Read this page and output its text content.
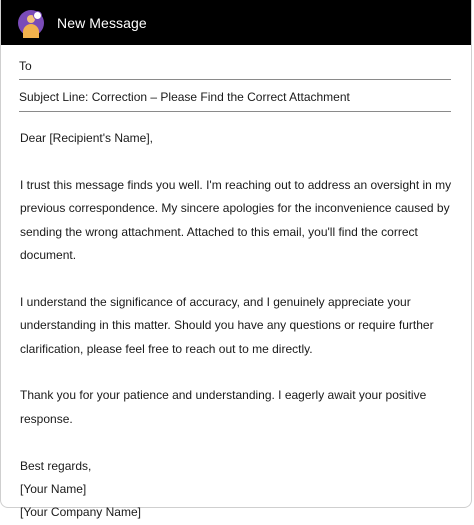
New Message
To
Subject Line: Correction – Please Find the Correct Attachment

Dear [Recipient's Name],

I trust this message finds you well. I'm reaching out to address an oversight in my previous correspondence. My sincere apologies for the inconvenience caused by sending the wrong attachment. Attached to this email, you'll find the correct document.

I understand the significance of accuracy, and I genuinely appreciate your understanding in this matter. Should you have any questions or require further clarification, please feel free to reach out to me directly.

Thank you for your patience and understanding. I eagerly await your positive response.

Best regards,
[Your Name]
[Your Company Name]
